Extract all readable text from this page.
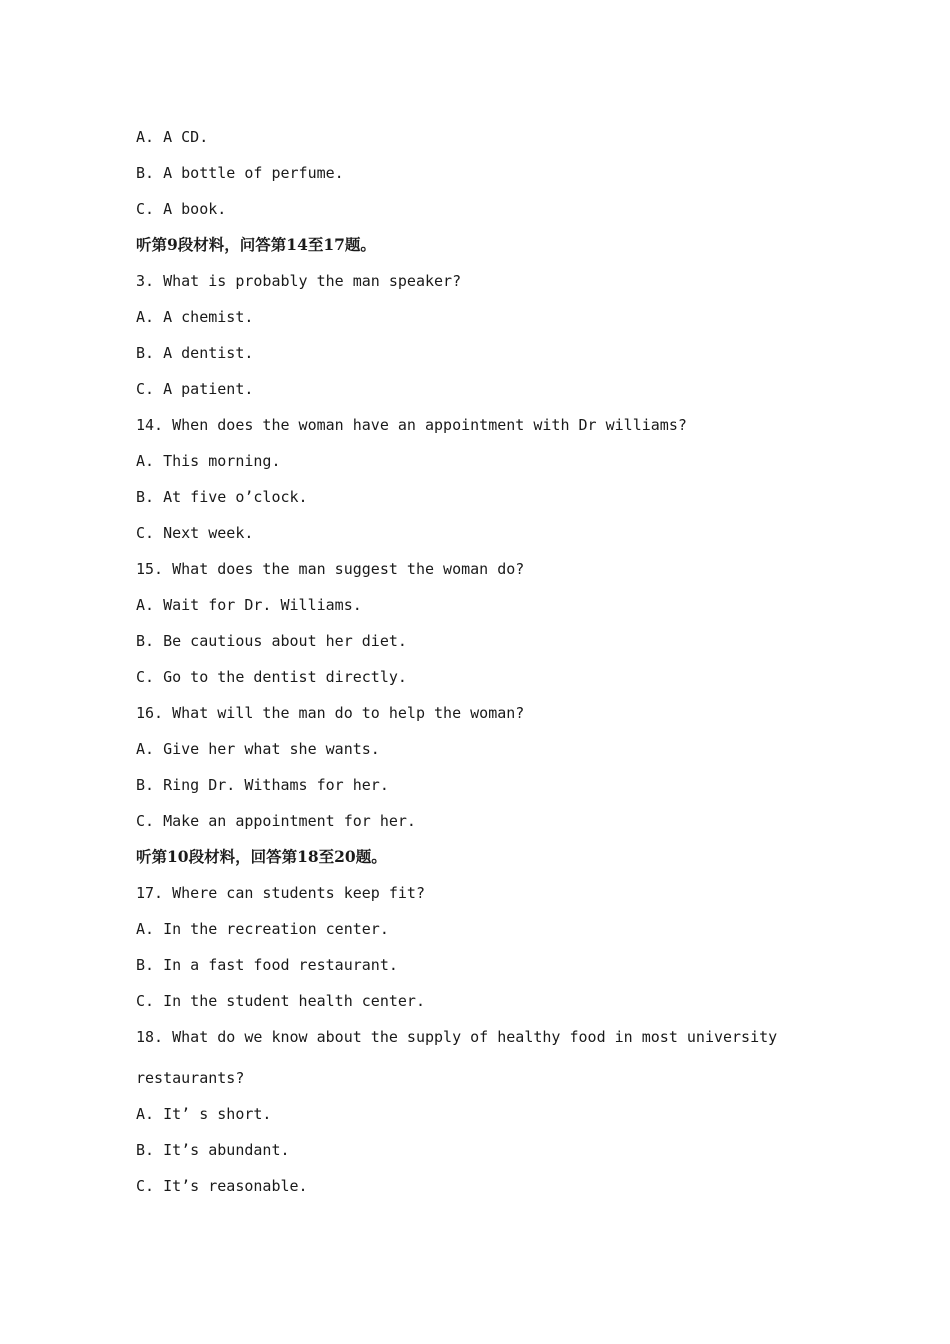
A. A CD.
B. A bottle of perfume.
C. A book.
听第9段材料，问答第14至17题。
3. What is probably the man speaker?
A. A chemist.
B. A dentist.
C. A patient.
14. When does the woman have an appointment with Dr williams?
A. This morning.
B. At five o’clock.
C. Next week.
15. What does the man suggest the woman do?
A. Wait for Dr. Williams.
B. Be cautious about her diet.
C. Go to the dentist directly.
16. What will the man do to help the woman?
A. Give her what she wants.
B. Ring Dr. Withams for her.
C. Make an appointment for her.
听第10段材料，回答第18至20题。
17. Where can students keep fit?
A. In the recreation center.
B. In a fast food restaurant.
C. In the student health center.
18. What do we know about the supply of healthy food in most university
restaurants?
A. It’ s short.
B. It’s abundant.
C. It’s reasonable.
